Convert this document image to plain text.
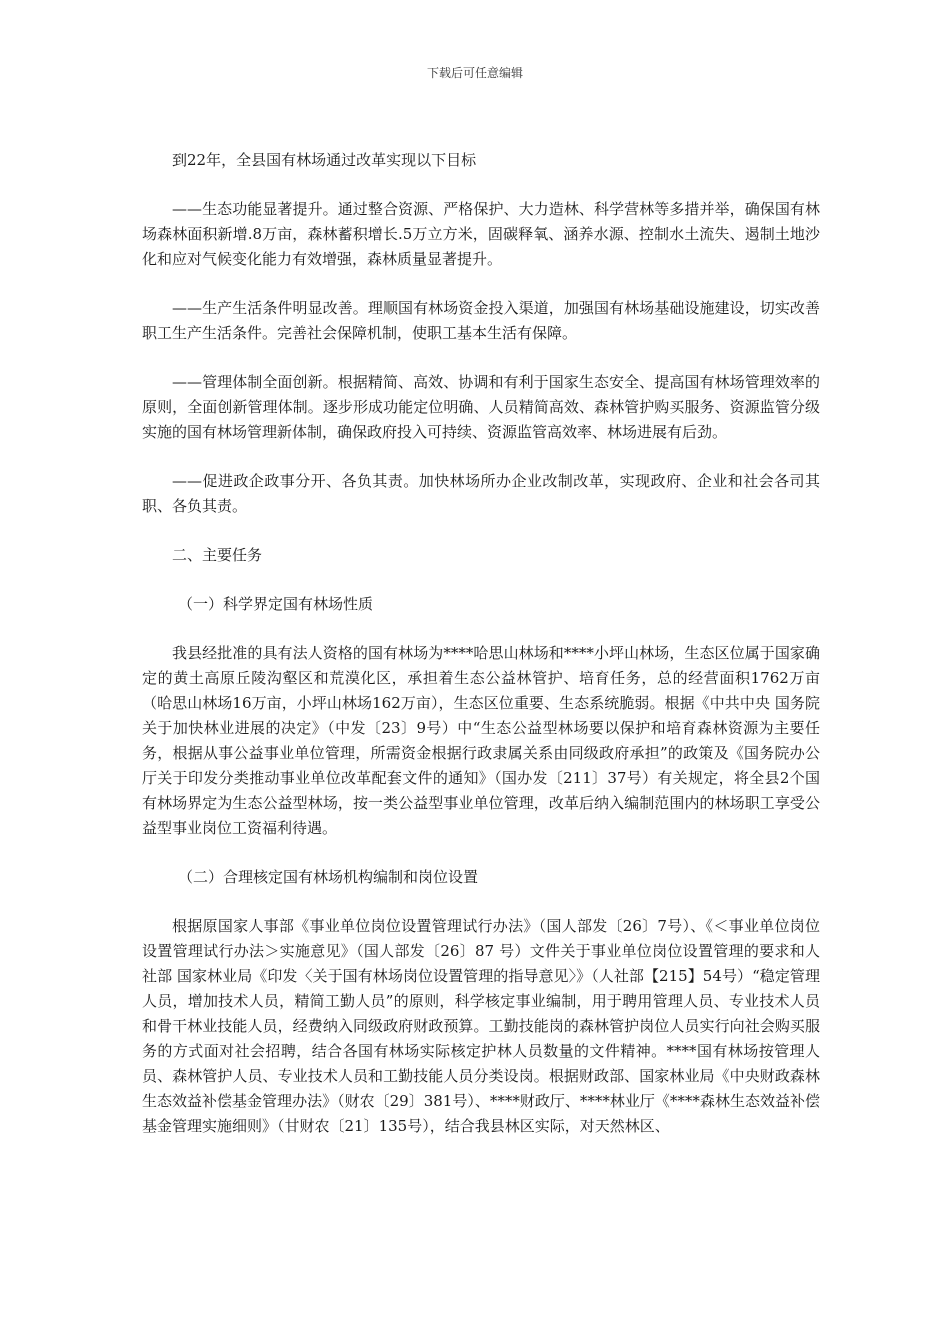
下载后可任意编辑

到22年，全县国有林场通过改革实现以下目标

——生态功能显著提升。通过整合资源、严格保护、大力造林、科学营林等多措并举，确保国有林场森林面积新增.8万亩，森林蓄积增长.5万立方米，固碳释氧、涵养水源、控制水土流失、遏制土地沙化和应对气候变化能力有效增强，森林质量显著提升。

——生产生活条件明显改善。理顺国有林场资金投入渠道，加强国有林场基础设施建设，切实改善职工生产生活条件。完善社会保障机制，使职工基本生活有保障。

——管理体制全面创新。根据精简、高效、协调和有利于国家生态安全、提高国有林场管理效率的原则，全面创新管理体制。逐步形成功能定位明确、人员精简高效、森林管护购买服务、资源监管分级实施的国有林场管理新体制，确保政府投入可持续、资源监管高效率、林场进展有后劲。

——促进政企政事分开、各负其责。加快林场所办企业改制改革，实现政府、企业和社会各司其职、各负其责。

二、主要任务

（一）科学界定国有林场性质

我县经批准的具有法人资格的国有林场为****哈思山林场和****小坪山林场，生态区位属于国家确定的黄土高原丘陵沟壑区和荒漠化区，承担着生态公益林管护、培育任务，总的经营面积1762万亩（哈思山林场16万亩，小坪山林场162万亩），生态区位重要、生态系统脆弱。根据《中共中央 国务院关于加快林业进展的决定》（中发〔23〕9号）中“生态公益型林场要以保护和培育森林资源为主要任务，根据从事公益事业单位管理，所需资金根据行政隶属关系由同级政府承担”的政策及《国务院办公厅关于印发分类推动事业单位改革配套文件的通知》（国办发〔211〕37号）有关规定，将全县2个国有林场界定为生态公益型林场，按一类公益型事业单位管理，改革后纳入编制范围内的林场职工享受公益型事业岗位工资福利待遇。

（二）合理核定国有林场机构编制和岗位设置

根据原国家人事部《事业单位岗位设置管理试行办法》（国人部发〔26〕7号）、《＜事业单位岗位设置管理试行办法＞实施意见》（国人部发〔26〕87 号）文件关于事业单位岗位设置管理的要求和人社部 国家林业局《印发〈关于国有林场岗位设置管理的指导意见〉》（人社部【215】54号）“稳定管理人员，增加技术人员，精简工勤人员”的原则，科学核定事业编制，用于聘用管理人员、专业技术人员和骨干林业技能人员，经费纳入同级政府财政预算。工勤技能岗的森林管护岗位人员实行向社会购买服务的方式面对社会招聘，结合各国有林场实际核定护林人员数量的文件精神。****国有林场按管理人员、森林管护人员、专业技术人员和工勤技能人员分类设岗。根据财政部、国家林业局《中央财政森林生态效益补偿基金管理办法》（财农〔29〕381号）、****财政厅、****林业厅《****森林生态效益补偿基金管理实施细则》（甘财农〔21〕135号），结合我县林区实际，对天然林区、
